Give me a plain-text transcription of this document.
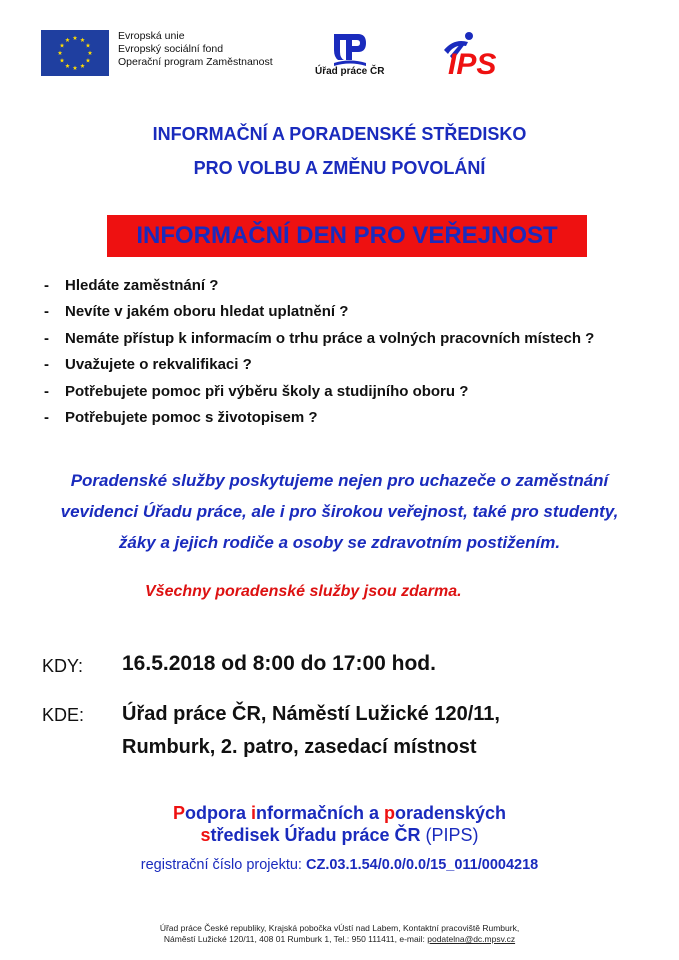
Evropská unie
Evropský sociální fond
Operační program Zaměstnanost
Úřad práce ČR IPS
INFORMAČNÍ A PORADENSKÉ STŘEDISKO
PRO VOLBU A ZMĚNU POVOLÁNÍ
INFORMAČNÍ DEN PRO VEŘEJNOST
-	Hledáte zaměstnání ?
-	Nevíte v jakém oboru hledat uplatnění ?
-	Nemáte přístup k informacím o trhu práce a volných pracovních místech ?
-	Uvažujete o rekvalifikaci ?
-	Potřebujete pomoc při výběru školy a studijního oboru ?
-	Potřebujete pomoc s životopisem ?
Poradenské služby poskytujeme nejen pro uchazeče o zaměstnání
vevidenci Úřadu práce, ale i pro širokou veřejnost, také pro studenty,
žáky a jejich rodiče a osoby se zdravotním postižením.
Všechny poradenské služby jsou zdarma.
KDY: 16.5.2018 od 8:00 do 17:00 hod.
KDE: Úřad práce ČR, Náměstí Lužické 120/11,
Rumburk, 2. patro, zasedací místnost
Podpora informačních a poradenských
středisek Úřadu práce ČR (PIPS)
registrační číslo projektu: CZ.03.1.54/0.0/0.0/15_011/0004218
Úřad práce České republiky, Krajská pobočka vÚstí nad Labem, Kontaktní pracoviště Rumburk,
Náměstí Lužické 120/11, 408 01 Rumburk 1, Tel.: 950 111411, e-mail: podatelna@dc.mpsv.cz
